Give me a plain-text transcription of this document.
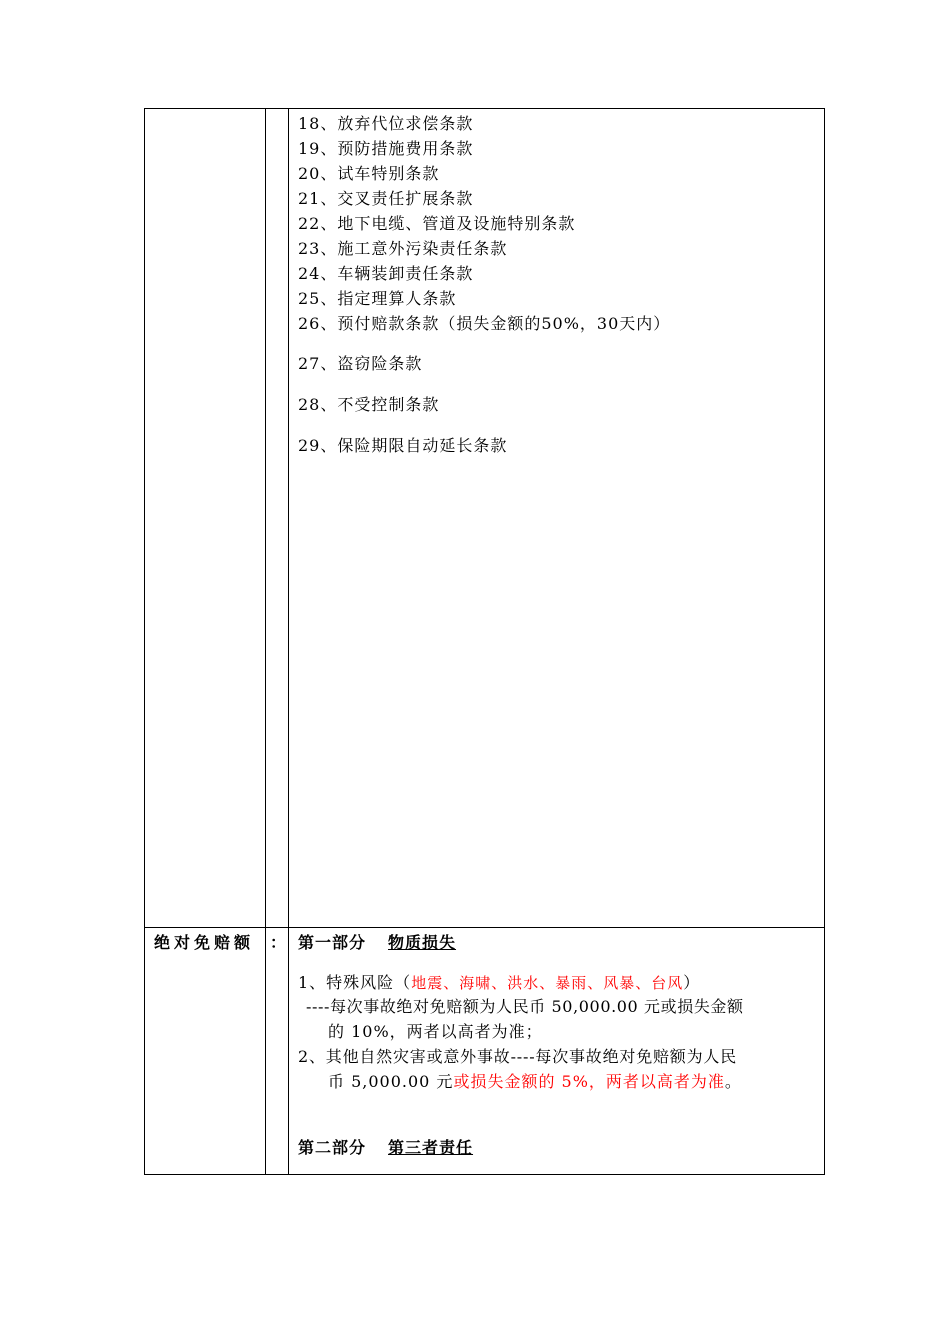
18、放弃代位求偿条款
19、预防措施费用条款
20、试车特别条款
21、交叉责任扩展条款
22、地下电缆、管道及设施特别条款
23、施工意外污染责任条款
24、车辆装卸责任条款
25、指定理算人条款
26、预付赔款条款（损失金额的50%，30天内）
27、盗窃险条款
28、不受控制条款
29、保险期限自动延长条款
绝对免赔额 ： 第一部分 物质损失
1、特殊风险（地震、海啸、洪水、暴雨、风暴、台风）
----每次事故绝对免赔额为人民币 50,000.00 元或损失金额
的 10%，两者以高者为准；
2、其他自然灾害或意外事故----每次事故绝对免赔额为人民
币 5,000.00 元或损失金额的 5%，两者以高者为准。
第二部分 第三者责任
